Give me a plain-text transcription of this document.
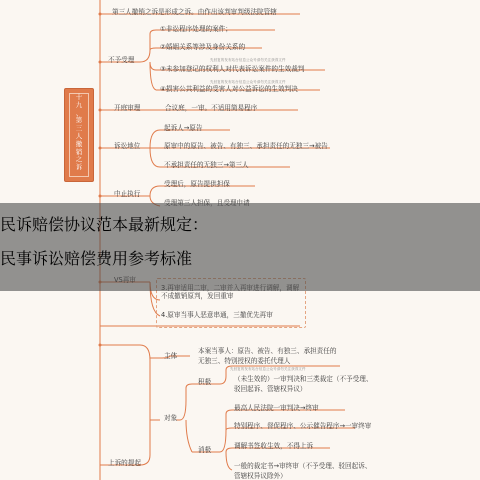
十
九
、
第
三
人
撤
销
之
诉
第三人撤销之诉是形成之诉。由作出该判审判级法院管辖
不予受理
①非讼程序处理的案件；
②婚姻关系等涉及身份关系的
先回复的发布站台信息公众号请勿关注获得文件
③未参加登记的权利人对代表诉讼案件的生效裁判
先回复的发布站台信息公众号请勿关注获得文件
④损害公共利益的受害人对公益诉讼的生效判决
开庭审理	合议庭，一审。不适用简易程序
诉讼地位
起诉人→原告
原审中的原告、被告、有独三、承担责任的无独三→被告
不承担责任的无独三→第三人
中止执行
受理后，原告提供担保
不成撤销原判，发回重审
4.原审当事人恶意串通，三撤优先再审
主体
本案当事人：原告、被告、有独三、承担责任的
无独三、特别授权的委托代理人
先回复的发布站台信息公众号请勿关注获得文件
积极	（未生效的）一审判决和三类裁定（不予受理、
驳回起诉、管辖权异议）
对象
消极
最高人民法院一审判决→终审
特别程序、督促程序、公示催告程序→一审终审
调解书签收生效，不得上诉
一般的裁定书→审终审（不予受理、驳回起诉、
管辖权异议除外）
上诉的提起
民诉赔偿协议范本最新规定：
民事诉讼赔偿费用参考标准
